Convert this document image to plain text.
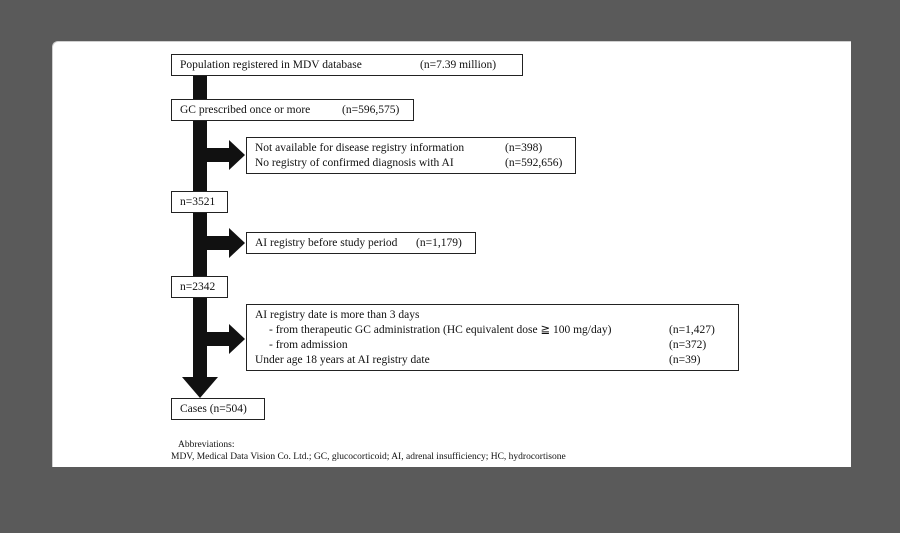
Population registered in MDV database	(n=7.39 million)
GC prescribed once or more	(n=596,575)
Not available for disease registry information	(n=398)
No registry of confirmed diagnosis with AI	(n=592,656)
n=3521
AI registry before study period (n=1,179)
n=2342
AI registry date is more than 3 days
- from therapeutic GC administration (HC equivalent dose ≧ 100 mg/day)	(n=1,427)
- from admission	(n=372)
Under age 18 years at AI registry date	(n=39)
Cases (n=504)
Abbreviations:
MDV, Medical Data Vision Co. Ltd.; GC, glucocorticoid; AI, adrenal insufficiency; HC, hydrocortisone
